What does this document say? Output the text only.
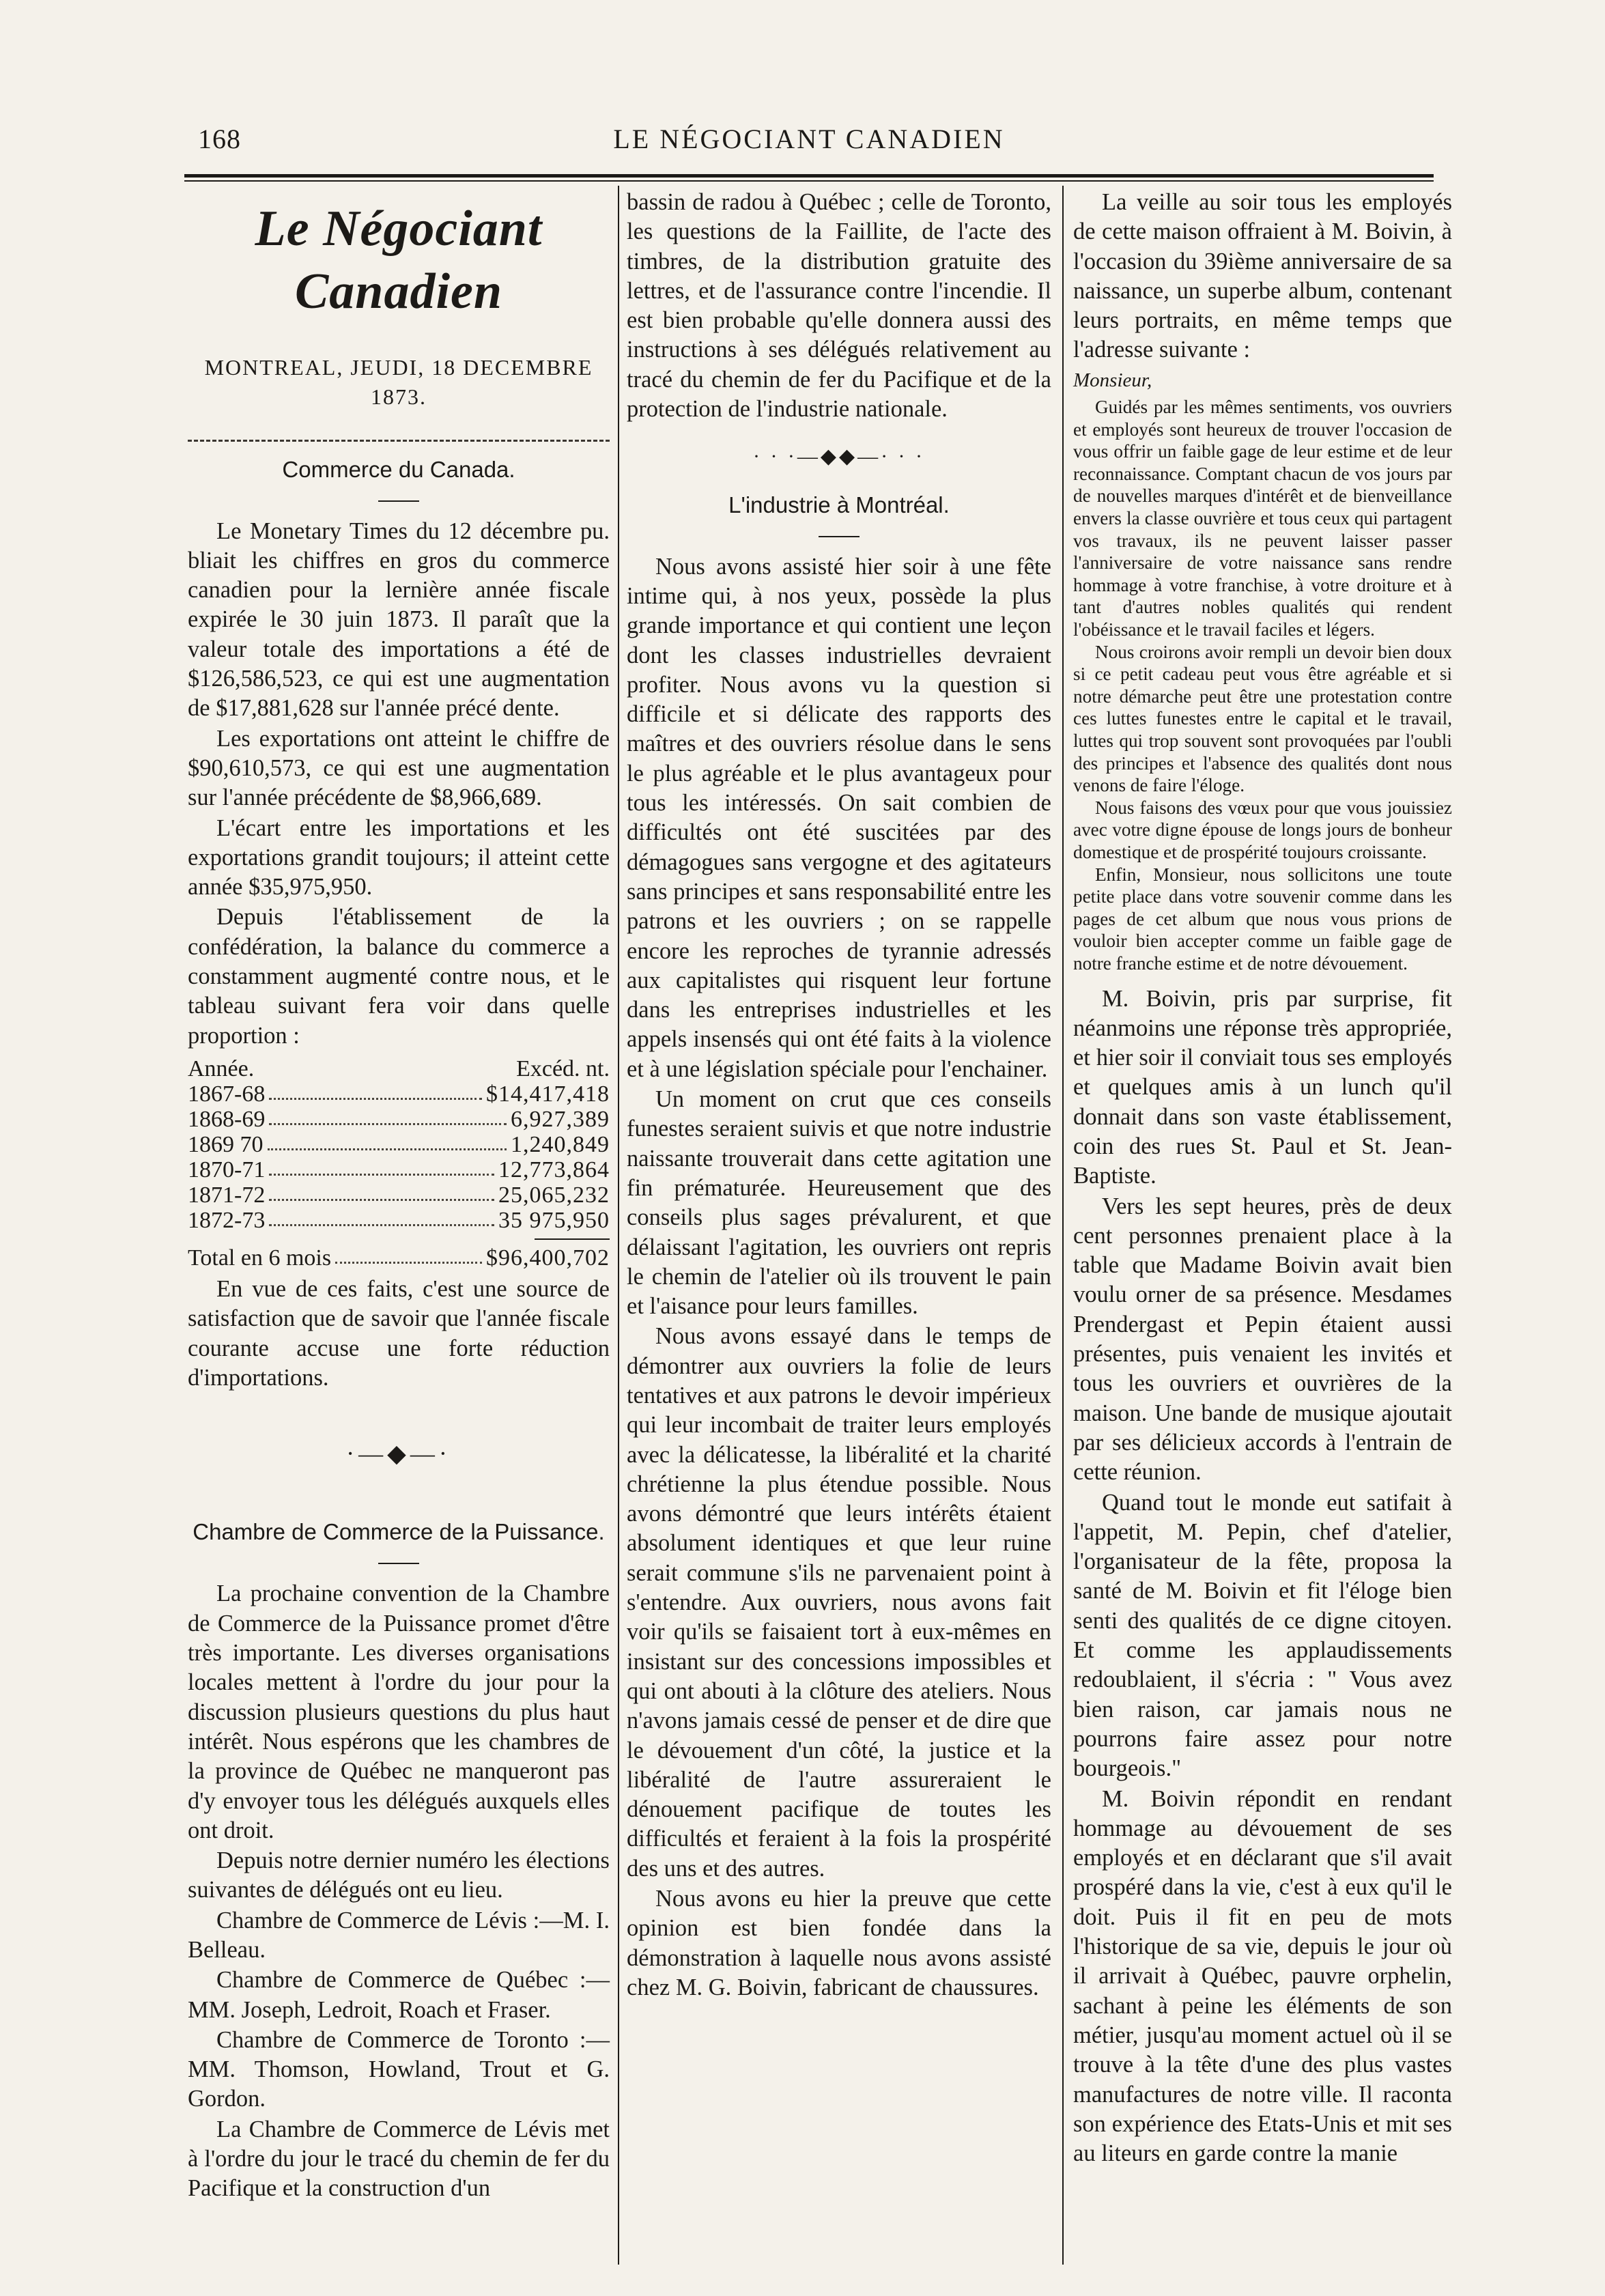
168	LE NÉGOCIANT CANADIEN
Le Négociant Canadien
MONTREAL, JEUDI, 18 DECEMBRE 1873.
Commerce du Canada.

Le Monetary Times du 12 décembre pu. bliait les chiffres en gros du commerce canadien pour la lernière année fiscale expirée le 30 juin 1873. Il paraît que la valeur totale des importations a été de $126,586,523, ce qui est une augmentation de $17,881,628 sur l'année précé dente.

Les exportations ont atteint le chiffre de $90,610,573, ce qui est une augmentation sur l'année précédente de $8,966,689.

L'écart entre les importations et les exportations grandit toujours; il atteint cette année $35,975,950.

Depuis l'établissement de la confédération, la balance du commerce a constamment augmenté contre nous, et le tableau suivant fera voir dans quelle proportion :

Année.	Excéd. nt.
1867-68	$14,417,418
1868-69	6,927,389
1869 70	1,240,849
1870-71	12,773,864
1871-72	25,065,232
1872-73	35 975,950
Total en 6 mois	$96,400,702

En vue de ces faits, c'est une source de satisfaction que de savoir que l'année fiscale courante accuse une forte réduction d'importations.

·—◆—·
Chambre de Commerce de la Puissance.

La prochaine convention de la Chambre de Commerce de la Puissance promet d'être très importante. Les diverses organisations locales mettent à l'ordre du jour pour la discussion plusieurs questions du plus haut intérêt. Nous espérons que les chambres de la province de Québec ne manqueront pas d'y envoyer tous les délégués auxquels elles ont droit.

Depuis notre dernier numéro les élections suivantes de délégués ont eu lieu.

Chambre de Commerce de Lévis :—M. I. Belleau.

Chambre de Commerce de Québec :—MM. Joseph, Ledroit, Roach et Fraser.

Chambre de Commerce de Toronto :—MM. Thomson, Howland, Trout et G. Gordon.

La Chambre de Commerce de Lévis met à l'ordre du jour le tracé du chemin de fer du Pacifique et la construction d'un

bassin de radou à Québec ; celle de Toronto, les questions de la Faillite, de l'acte des timbres, de la distribution gratuite des lettres, et de l'assurance contre l'incendie. Il est bien probable qu'elle donnera aussi des instructions à ses délégués relativement au tracé du chemin de fer du Pacifique et de la protection de l'industrie nationale.

· · ·—◆◆—· · ·
L'industrie à Montréal.

Nous avons assisté hier soir à une fête intime qui, à nos yeux, possède la plus grande importance et qui contient une leçon dont les classes industrielles devraient profiter. Nous avons vu la question si difficile et si délicate des rapports des maîtres et des ouvriers résolue dans le sens le plus agréable et le plus avantageux pour tous les intéressés. On sait combien de difficultés ont été suscitées par des démagogues sans vergogne et des agitateurs sans principes et sans responsabilité entre les patrons et les ouvriers ; on se rappelle encore les reproches de tyrannie adressés aux capitalistes qui risquent leur fortune dans les entreprises industrielles et les appels insensés qui ont été faits à la violence et à une législation spéciale pour l'enchainer.

Un moment on crut que ces conseils funestes seraient suivis et que notre industrie naissante trouverait dans cette agitation une fin prématurée. Heureusement que des conseils plus sages prévalurent, et que délaissant l'agitation, les ouvriers ont repris le chemin de l'atelier où ils trouvent le pain et l'aisance pour leurs familles.

Nous avons essayé dans le temps de démontrer aux ouvriers la folie de leurs tentatives et aux patrons le devoir impérieux qui leur incombait de traiter leurs employés avec la délicatesse, la libéralité et la charité chrétienne la plus étendue possible. Nous avons démontré que leurs intérêts étaient absolument identiques et que leur ruine serait commune s'ils ne parvenaient point à s'entendre. Aux ouvriers, nous avons fait voir qu'ils se faisaient tort à eux-mêmes en insistant sur des concessions impossibles et qui ont abouti à la clôture des ateliers. Nous n'avons jamais cessé de penser et de dire que le dévouement d'un côté, la justice et la libéralité de l'autre assureraient le dénouement pacifique de toutes les difficultés et feraient à la fois la prospérité des uns et des autres.

Nous avons eu hier la preuve que cette opinion est bien fondée dans la démonstration à laquelle nous avons assisté chez M. G. Boivin, fabricant de chaussures.

La veille au soir tous les employés de cette maison offraient à M. Boivin, à l'occasion du 39ième anniversaire de sa naissance, un superbe album, contenant leurs portraits, en même temps que l'adresse suivante :

Monsieur,

Guidés par les mêmes sentiments, vos ouvriers et employés sont heureux de trouver l'occasion de vous offrir un faible gage de leur estime et de leur reconnaissance. Comptant chacun de vos jours par de nouvelles marques d'intérêt et de bienveillance envers la classe ouvrière et tous ceux qui partagent vos travaux, ils ne peuvent laisser passer l'anniversaire de votre naissance sans rendre hommage à votre franchise, à votre droiture et à tant d'autres nobles qualités qui rendent l'obéissance et le travail faciles et légers.

Nous croirons avoir rempli un devoir bien doux si ce petit cadeau peut vous être agréable et si notre démarche peut être une protestation contre ces luttes funestes entre le capital et le travail, luttes qui trop souvent sont provoquées par l'oubli des principes et l'absence des qualités dont nous venons de faire l'éloge.

Nous faisons des vœux pour que vous jouissiez avec votre digne épouse de longs jours de bonheur domestique et de prospérité toujours croissante.

Enfin, Monsieur, nous sollicitons une toute petite place dans votre souvenir comme dans les pages de cet album que nous vous prions de vouloir bien accepter comme un faible gage de notre franche estime et de notre dévouement.

M. Boivin, pris par surprise, fit néanmoins une réponse très appropriée, et hier soir il conviait tous ses employés et quelques amis à un lunch qu'il donnait dans son vaste établissement, coin des rues St. Paul et St. Jean-Baptiste.

Vers les sept heures, près de deux cent personnes prenaient place à la table que Madame Boivin avait bien voulu orner de sa présence. Mesdames Prendergast et Pepin étaient aussi présentes, puis venaient les invités et tous les ouvriers et ouvrières de la maison. Une bande de musique ajoutait par ses délicieux accords à l'entrain de cette réunion.

Quand tout le monde eut satifait à l'appetit, M. Pepin, chef d'atelier, l'organisateur de la fête, proposa la santé de M. Boivin et fit l'éloge bien senti des qualités de ce digne citoyen. Et comme les applaudissements redoublaient, il s'écria : " Vous avez bien raison, car jamais nous ne pourrons faire assez pour notre bourgeois."

M. Boivin répondit en rendant hommage au dévouement de ses employés et en déclarant que s'il avait prospéré dans la vie, c'est à eux qu'il le doit. Puis il fit en peu de mots l'historique de sa vie, depuis le jour où il arrivait à Québec, pauvre orphelin, sachant à peine les éléments de son métier, jusqu'au moment actuel où il se trouve à la tête d'une des plus vastes manufactures de notre ville. Il raconta son expérience des Etats-Unis et mit ses au liteurs en garde contre la manie
